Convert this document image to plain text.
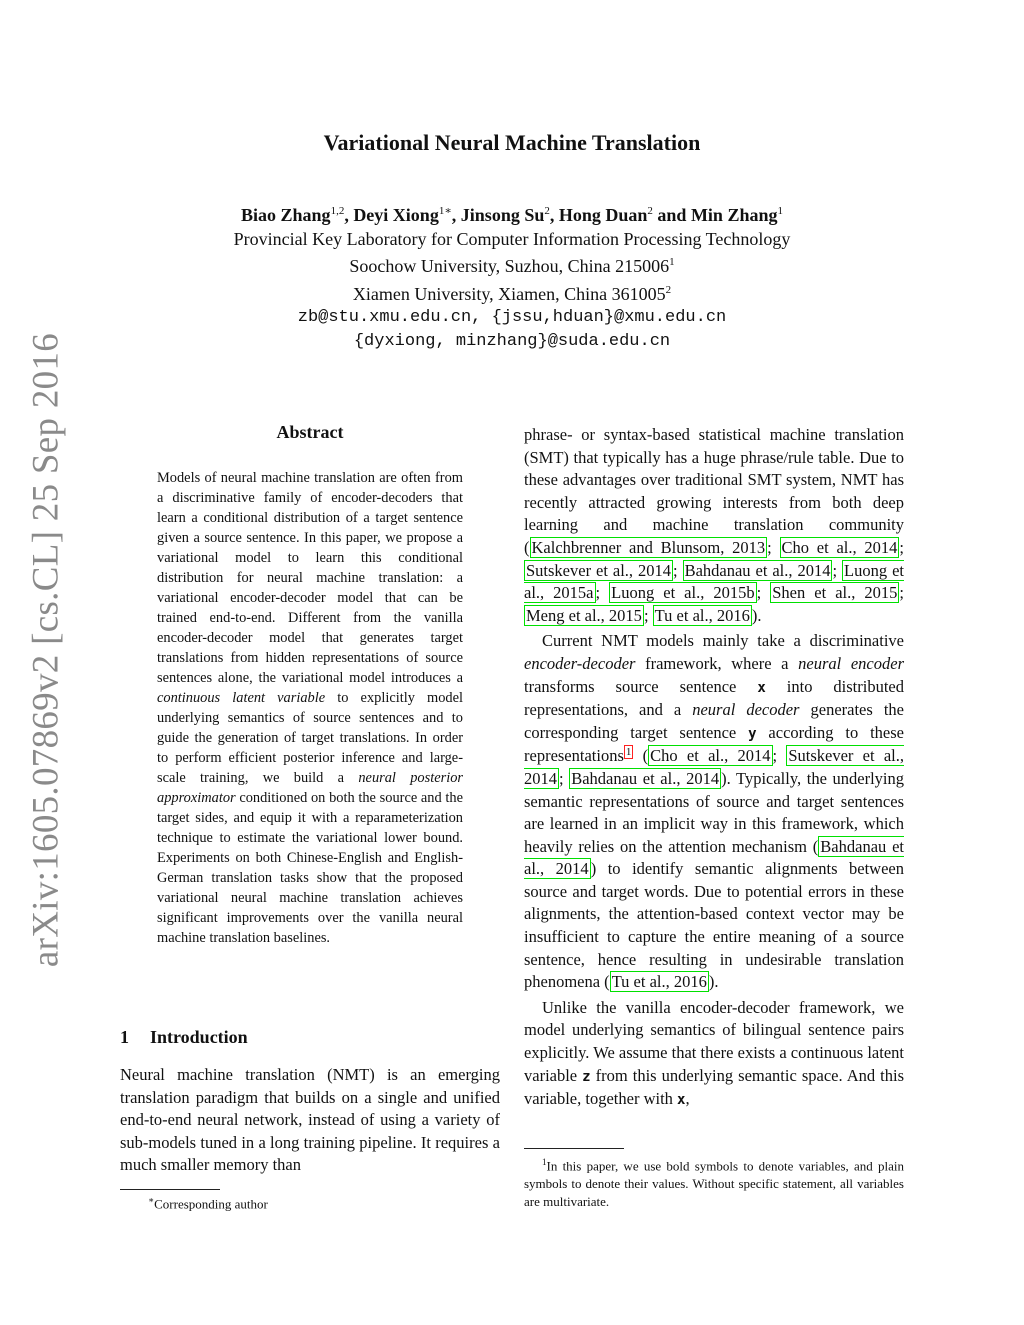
arXiv:1605.07869v2 [cs.CL] 25 Sep 2016
Variational Neural Machine Translation
Biao Zhang$^{1,2}$, Deyi Xiong$^{1∗}$, Jinsong Su$^2$, Hong Duan$^2$ and Min Zhang$^1$
Provincial Key Laboratory for Computer Information Processing Technology
Soochow University, Suzhou, China 215006$^1$
Xiamen University, Xiamen, China 361005$^2$
zb@stu.xmu.edu.cn, {jssu,hduan}@xmu.edu.cn
{dyxiong, minzhang}@suda.edu.cn
Abstract

Models of neural machine translation are often from a discriminative family of encoder-decoders that learn a conditional distribution of a target sentence given a source sentence. In this paper, we propose a variational model to learn this conditional distribution for neural machine translation: a variational encoder-decoder model that can be trained end-to-end. Different from the vanilla encoder-decoder model that generates target translations from hidden representations of source sentences alone, the variational model introduces a continuous latent variable to explicitly model underlying semantics of source sentences and to guide the generation of target translations. In order to perform efficient posterior inference and large-scale training, we build a neural posterior approximator conditioned on both the source and the target sides, and equip it with a reparameterization technique to estimate the variational lower bound. Experiments on both Chinese-English and English-German translation tasks show that the proposed variational neural machine translation achieves significant improvements over the vanilla neural machine translation baselines.

1 Introduction

Neural machine translation (NMT) is an emerging translation paradigm that builds on a single and unified end-to-end neural network, instead of using a variety of sub-models tuned in a long training pipeline. It requires a much smaller memory than

∗Corresponding author

phrase- or syntax-based statistical machine translation (SMT) that typically has a huge phrase/rule table. Due to these advantages over traditional SMT system, NMT has recently attracted growing interests from both deep learning and machine translation community ( Kalchbrenner and Blunsom, 2013 ; Cho et al., 2014 ; Sutskever et al., 2014 ; Bahdanau et al., 2014 ; Luong et al., 2015a ; Luong et al., 2015b ; Shen et al., 2015 ; Meng et al., 2015 ; Tu et al., 2016 ).

Current NMT models mainly take a discriminative encoder-decoder framework, where a neural encoder transforms source sentence x into distributed representations, and a neural decoder generates the corresponding target sentence y according to these representations $^1$ ( Cho et al., 2014 ; Sutskever et al., 2014 ; Bahdanau et al., 2014 ). Typically, the underlying semantic representations of source and target sentences are learned in an implicit way in this framework, which heavily relies on the attention mechanism ( Bahdanau et al., 2014 ) to identify semantic alignments between source and target words. Due to potential errors in these alignments, the attention-based context vector may be insufficient to capture the entire meaning of a source sentence, hence resulting in undesirable translation phenomena ( Tu et al., 2016 ).

Unlike the vanilla encoder-decoder framework, we model underlying semantics of bilingual sentence pairs explicitly. We assume that there exists a continuous latent variable z from this underlying semantic space. And this variable, together with x,

$^1$In this paper, we use bold symbols to denote variables, and plain symbols to denote their values. Without specific statement, all variables are multivariate.
